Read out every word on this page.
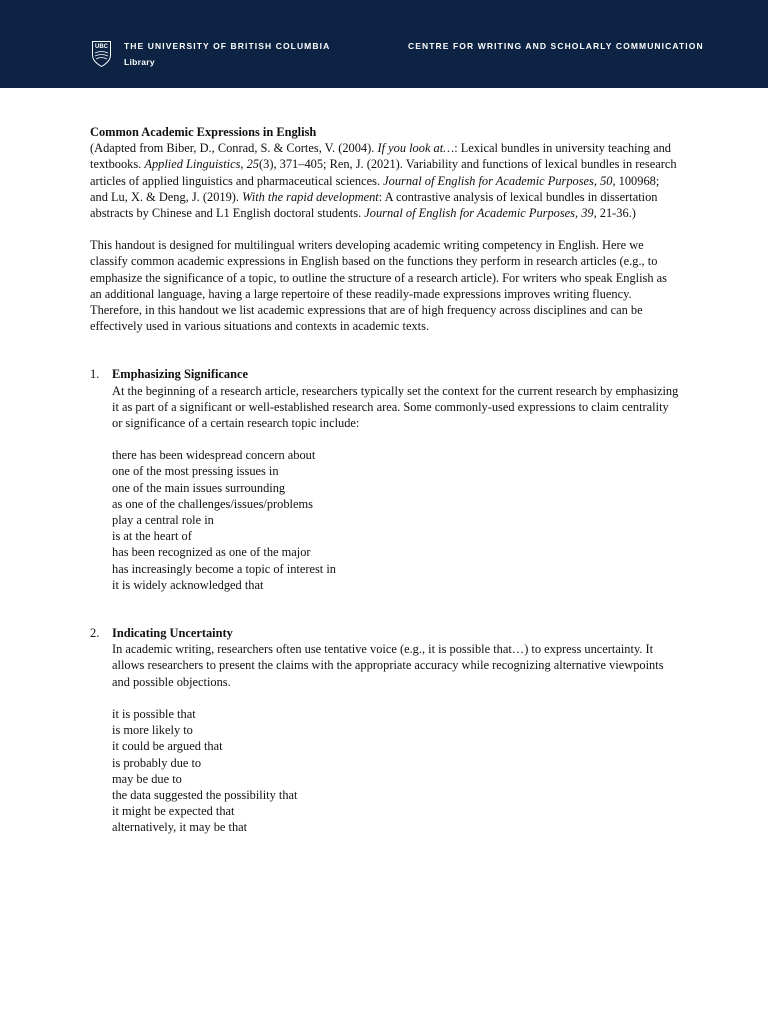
UBC THE UNIVERSITY OF BRITISH COLUMBIA
Library
CENTRE FOR WRITING AND SCHOLARLY COMMUNICATION

Common Academic Expressions in English

(Adapted from Biber, D., Conrad, S. & Cortes, V. (2004). If you look at…: Lexical bundles in university teaching and textbooks. Applied Linguistics, 25(3), 371–405; Ren, J. (2021). Variability and functions of lexical bundles in research articles of applied linguistics and pharmaceutical sciences. Journal of English for Academic Purposes, 50, 100968; and Lu, X. & Deng, J. (2019). With the rapid development: A contrastive analysis of lexical bundles in dissertation abstracts by Chinese and L1 English doctoral students. Journal of English for Academic Purposes, 39, 21-36.)

This handout is designed for multilingual writers developing academic writing competency in English. Here we classify common academic expressions in English based on the functions they perform in research articles (e.g., to emphasize the significance of a topic, to outline the structure of a research article). For writers who speak English as an additional language, having a large repertoire of these readily-made expressions improves writing fluency. Therefore, in this handout we list academic expressions that are of high frequency across disciplines and can be effectively used in various situations and contexts in academic texts.

1. Emphasizing Significance

At the beginning of a research article, researchers typically set the context for the current research by emphasizing it as part of a significant or well-established research area. Some commonly-used expressions to claim centrality or significance of a certain research topic include:

there has been widespread concern about

one of the most pressing issues in

one of the main issues surrounding

as one of the challenges/issues/problems

play a central role in

is at the heart of

has been recognized as one of the major

has increasingly become a topic of interest in

it is widely acknowledged that

2. Indicating Uncertainty

In academic writing, researchers often use tentative voice (e.g., it is possible that…) to express uncertainty. It allows researchers to present the claims with the appropriate accuracy while recognizing alternative viewpoints and possible objections.

it is possible that

is more likely to

it could be argued that

is probably due to

may be due to

the data suggested the possibility that

it might be expected that

alternatively, it may be that
